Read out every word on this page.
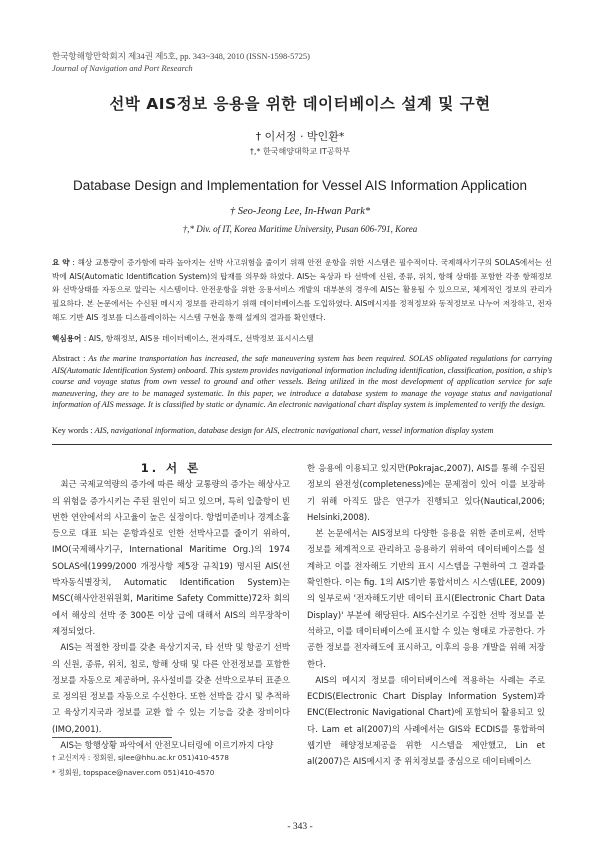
한국항해항만학회지 제34권 제5호, pp. 343~348, 2010 (ISSN-1598-5725)
Journal of Navigation and Port Research
선박 AIS정보 응용을 위한 데이터베이스 설계 및 구현
† 이서정 · 박인환*
†,* 한국해양대학교 IT공학부
Database Design and Implementation for Vessel AIS Information Application
† Seo-Jeong Lee, In-Hwan Park*
†,* Div. of IT, Korea Maritime University, Pusan 606-791, Korea
요 약 : 해상 교통량이 증가함에 따라 높아지는 선박 사고위험을 줄이기 위해 안전 운항을 위한 시스템은 필수적이다. 국제해사기구의 SOLAS에서는 선박에 AIS(Automatic Identification System)의 탑재를 의무화 하였다. AIS는 육상과 타 선박에 신원, 종류, 위치, 항해 상태를 포함한 각종 항해정보와 선박상태를 자동으로 알리는 시스템이다. 안전운항을 위한 응용서비스 개발의 대부분의 경우에 AIS는 활용될 수 있으므로, 체계적인 정보의 관리가 필요하다. 본 논문에서는 수신된 메시지 정보를 관리하기 위해 데이터베이스를 도입하였다. AIS메시지를 정적정보와 동적정보로 나누어 저장하고, 전자해도 기반 AIS 정보를 디스플레이하는 시스템 구현을 통해 설계의 결과를 확인했다.
핵심용어 : AIS, 항해정보, AIS용 데이터베이스, 전자해도, 선박정보 표시시스템
Abstract : As the marine transportation has increased, the safe maneuvering system has been required. SOLAS obligated regulations for carrying AIS(Automatic Identification System) onboard. This system provides navigational information including identification, classification, position, a ship's course and voyage status from own vessel to ground and other vessels. Being utilized in the most development of application service for safe maneuvering, they are to be managed systematic. In this paper, we introduce a database system to manage the voyage status and navigational information of AIS message. It is classified by static or dynamic. An electronic navigational chart display system is implemented to verify the design.
Key words : AIS, navigational information, database design for AIS, electronic navigational chart, vessel information display system

1. 서 론

최근 국제교역량의 증가에 따른 해상 교통량의 증가는 해상사고의 위험을 증가시키는 주된 원인이 되고 있으며, 특히 입출항이 빈번한 연안에서의 사고율이 높은 실정이다. 항법미준비나 경계소홀 등으로 대표 되는 운항과실로 인한 선박사고를 줄이기 위하여, IMO(국제해사기구, International Maritime Org.)의 1974 SOLAS에(1999/2000 개정사항 제5장 규칙19) 명시된 AIS(선박자동식별장치, Automatic Identification System)는 MSC(해사안전위원회, Maritime Safety Committe)72차 회의에서 해상의 선박 중 300톤 이상 급에 대해서 AIS의 의무장착이 제정되었다.

AIS는 적절한 장비를 갖춘 육상기지국, 타 선박 및 항공기 선박의 신원, 종류, 위치, 침로, 항해 상태 및 다른 안전정보를 포함한 정보를 자동으로 제공하며, 유사설비를 갖춘 선박으로부터 표준으로 정의된 정보를 자동으로 수신한다. 또한 선박을 감시 및 추적하고 육상기지국과 정보를 교환 할 수 있는 기능을 갖춘 장비이다(IMO,2001).

AIS는 항행상황 파악에서 안전모니터링에 이르기까지 다양

한 응용에 이용되고 있지만(Pokrajac,2007), AIS를 통해 수집된 정보의 완전성(completeness)에는 문제점이 있어 이를 보장하기 위해 아직도 많은 연구가 진행되고 있다(Nautical,2006; Helsinki,2008).

본 논문에서는 AIS정보의 다양한 응용을 위한 준비로써, 선박 정보를 체계적으로 관리하고 응용하기 위하여 데이터베이스를 설계하고 이를 전자해도 기반의 표시 시스템을 구현하여 그 결과를 확인한다. 이는 fig. 1의 AIS기반 통합서비스 시스템(LEE, 2009)의 일부로써 '전자해도기반 데이터 표시(Electronic Chart Data Display)' 부분에 해당된다. AIS수신기로 수집한 선박 정보를 분석하고, 이를 데이터베이스에 표시할 수 있는 형태로 가공한다. 가공한 정보를 전자해도에 표시하고, 이후의 응용 개발을 위해 저장한다.

AIS의 메시지 정보를 데이터베이스에 적용하는 사례는 주로 ECDIS(Electronic Chart Display Information System)과 ENC(Electronic Navigational Chart)에 포함되어 활용되고 있다. Lam et al(2007)의 사례에서는 GIS와 ECDIS를 통합하여 웹기반 해양정보제공을 위한 시스템을 제안했고, Lin et al(2007)은 AIS메시지 중 위치정보를 중심으로 데이터베이스

† 교신저자 : 정회원, sjlee@hhu.ac.kr 051)410-4578
* 정회원, topspace@naver.com 051)410-4570
- 343 -
